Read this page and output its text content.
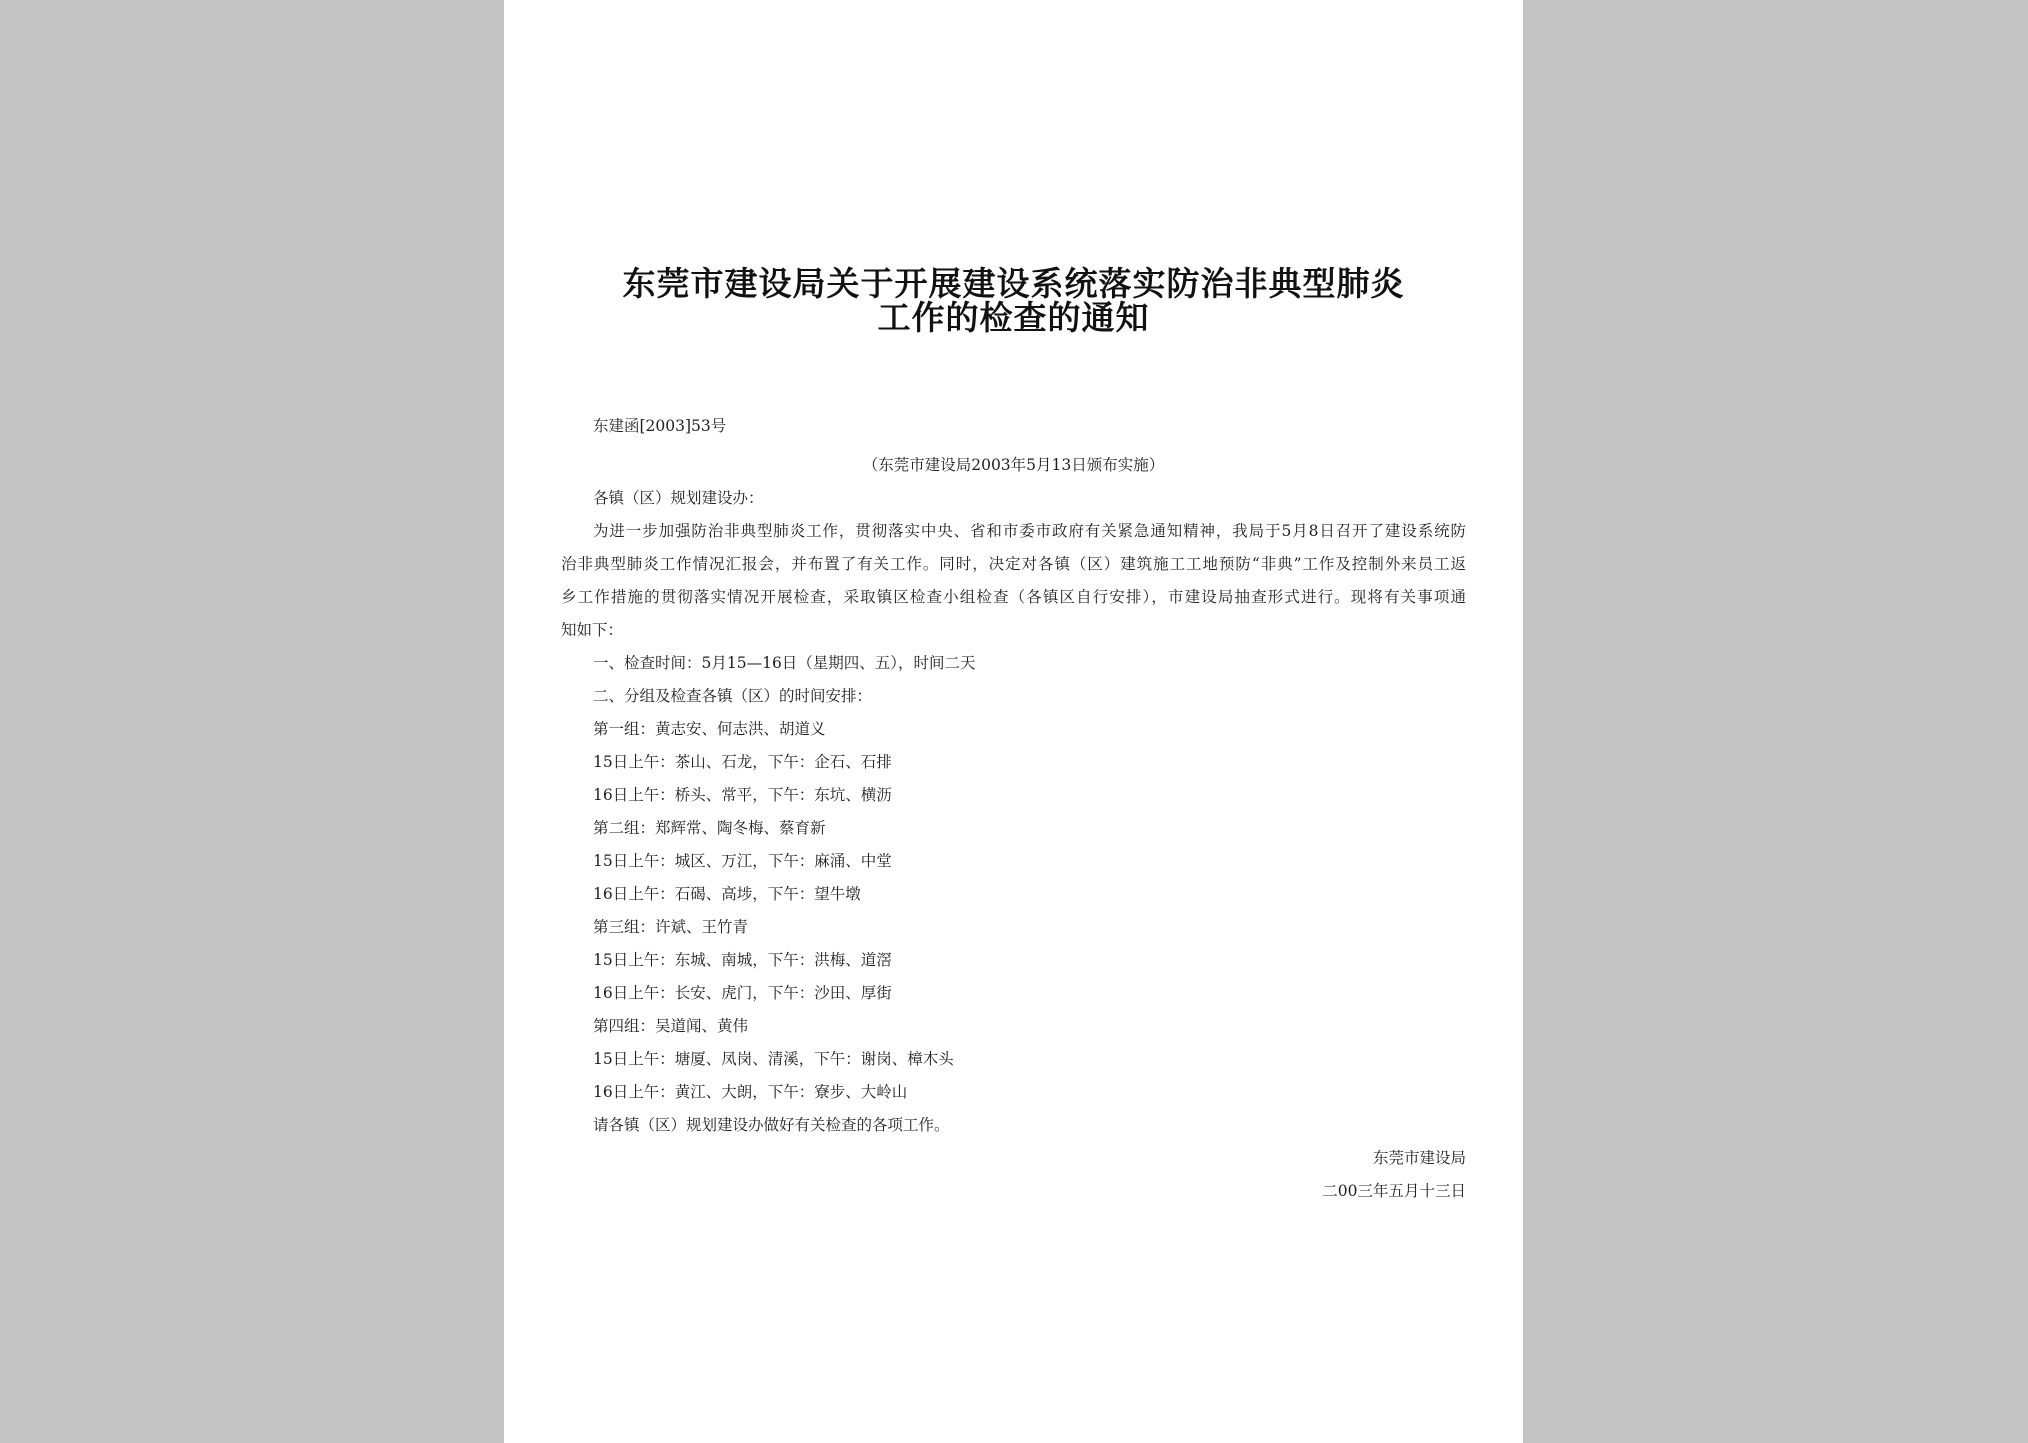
东莞市建设局关于开展建设系统落实防治非典型肺炎
工作的检查的通知
东建函[2003]53号
（东莞市建设局2003年5月13日颁布实施）
各镇（区）规划建设办：
为进一步加强防治非典型肺炎工作，贯彻落实中央、省和市委市政府有关紧急通知精神，我局于5月8日召开了建设系统防
治非典型肺炎工作情况汇报会，并布置了有关工作。同时，决定对各镇（区）建筑施工工地预防“非典”工作及控制外来员工返
乡工作措施的贯彻落实情况开展检查，采取镇区检查小组检查（各镇区自行安排），市建设局抽查形式进行。现将有关事项通
知如下：
一、检查时间：5月15—16日（星期四、五），时间二天
二、分组及检查各镇（区）的时间安排：
第一组：黄志安、何志洪、胡道义
15日上午：茶山、石龙，下午：企石、石排
16日上午：桥头、常平，下午：东坑、横沥
第二组：郑辉常、陶冬梅、蔡育新
15日上午：城区、万江，下午：麻涌、中堂
16日上午：石碣、高埗，下午：望牛墩
第三组：许斌、王竹青
15日上午：东城、南城，下午：洪梅、道滘
16日上午：长安、虎门，下午：沙田、厚街
第四组：吴道闻、黄伟
15日上午：塘厦、凤岗、清溪，下午：谢岗、樟木头
16日上午：黄江、大朗，下午：寮步、大岭山
请各镇（区）规划建设办做好有关检查的各项工作。
东莞市建设局
二00三年五月十三日
